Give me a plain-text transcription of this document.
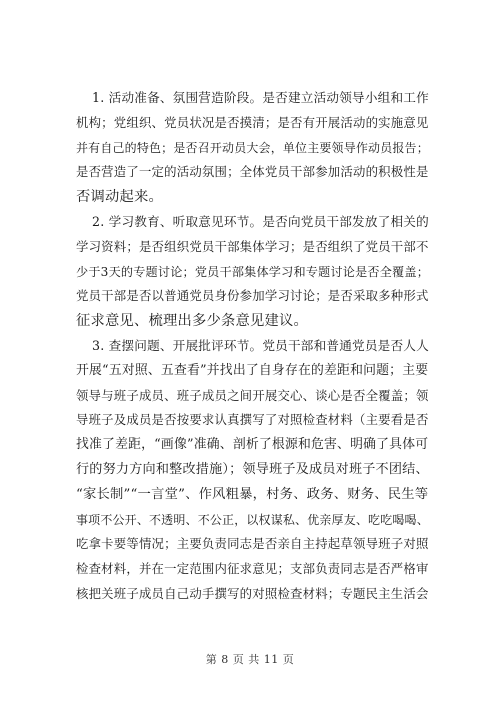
1. 活动准备、氛围营造阶段。是否建立活动领导小组和工作
机构；党组织、党员状况是否摸清；是否有开展活动的实施意见
并有自己的特色；是否召开动员大会，单位主要领导作动员报告；
是否营造了一定的活动氛围；全体党员干部参加活动的积极性是
否调动起来。

2. 学习教育、听取意见环节。是否向党员干部发放了相关的
学习资料；是否组织党员干部集体学习；是否组织了党员干部不
少于3天的专题讨论；党员干部集体学习和专题讨论是否全覆盖；
党员干部是否以普通党员身份参加学习讨论；是否采取多种形式
征求意见、梳理出多少条意见建议。

3. 查摆问题、开展批评环节。党员干部和普通党员是否人人
开展“五对照、五查看”并找出了自身存在的差距和问题；主要
领导与班子成员、班子成员之间开展交心、谈心是否全覆盖；领
导班子及成员是否按要求认真撰写了对照检查材料（主要看是否
找准了差距，“画像”准确、剖析了根源和危害、明确了具体可
行的努力方向和整改措施）；领导班子及成员对班子不团结、
“家长制”“一言堂”、作风粗暴，村务、政务、财务、民生等
事项不公开、不透明、不公正，以权谋私、优亲厚友、吃吃喝喝、
吃拿卡要等情况；主要负责同志是否亲自主持起草领导班子对照
检查材料，并在一定范围内征求意见；支部负责同志是否严格审
核把关班子成员自己动手撰写的对照检查材料；专题民主生活会

第 8 页 共 11 页
